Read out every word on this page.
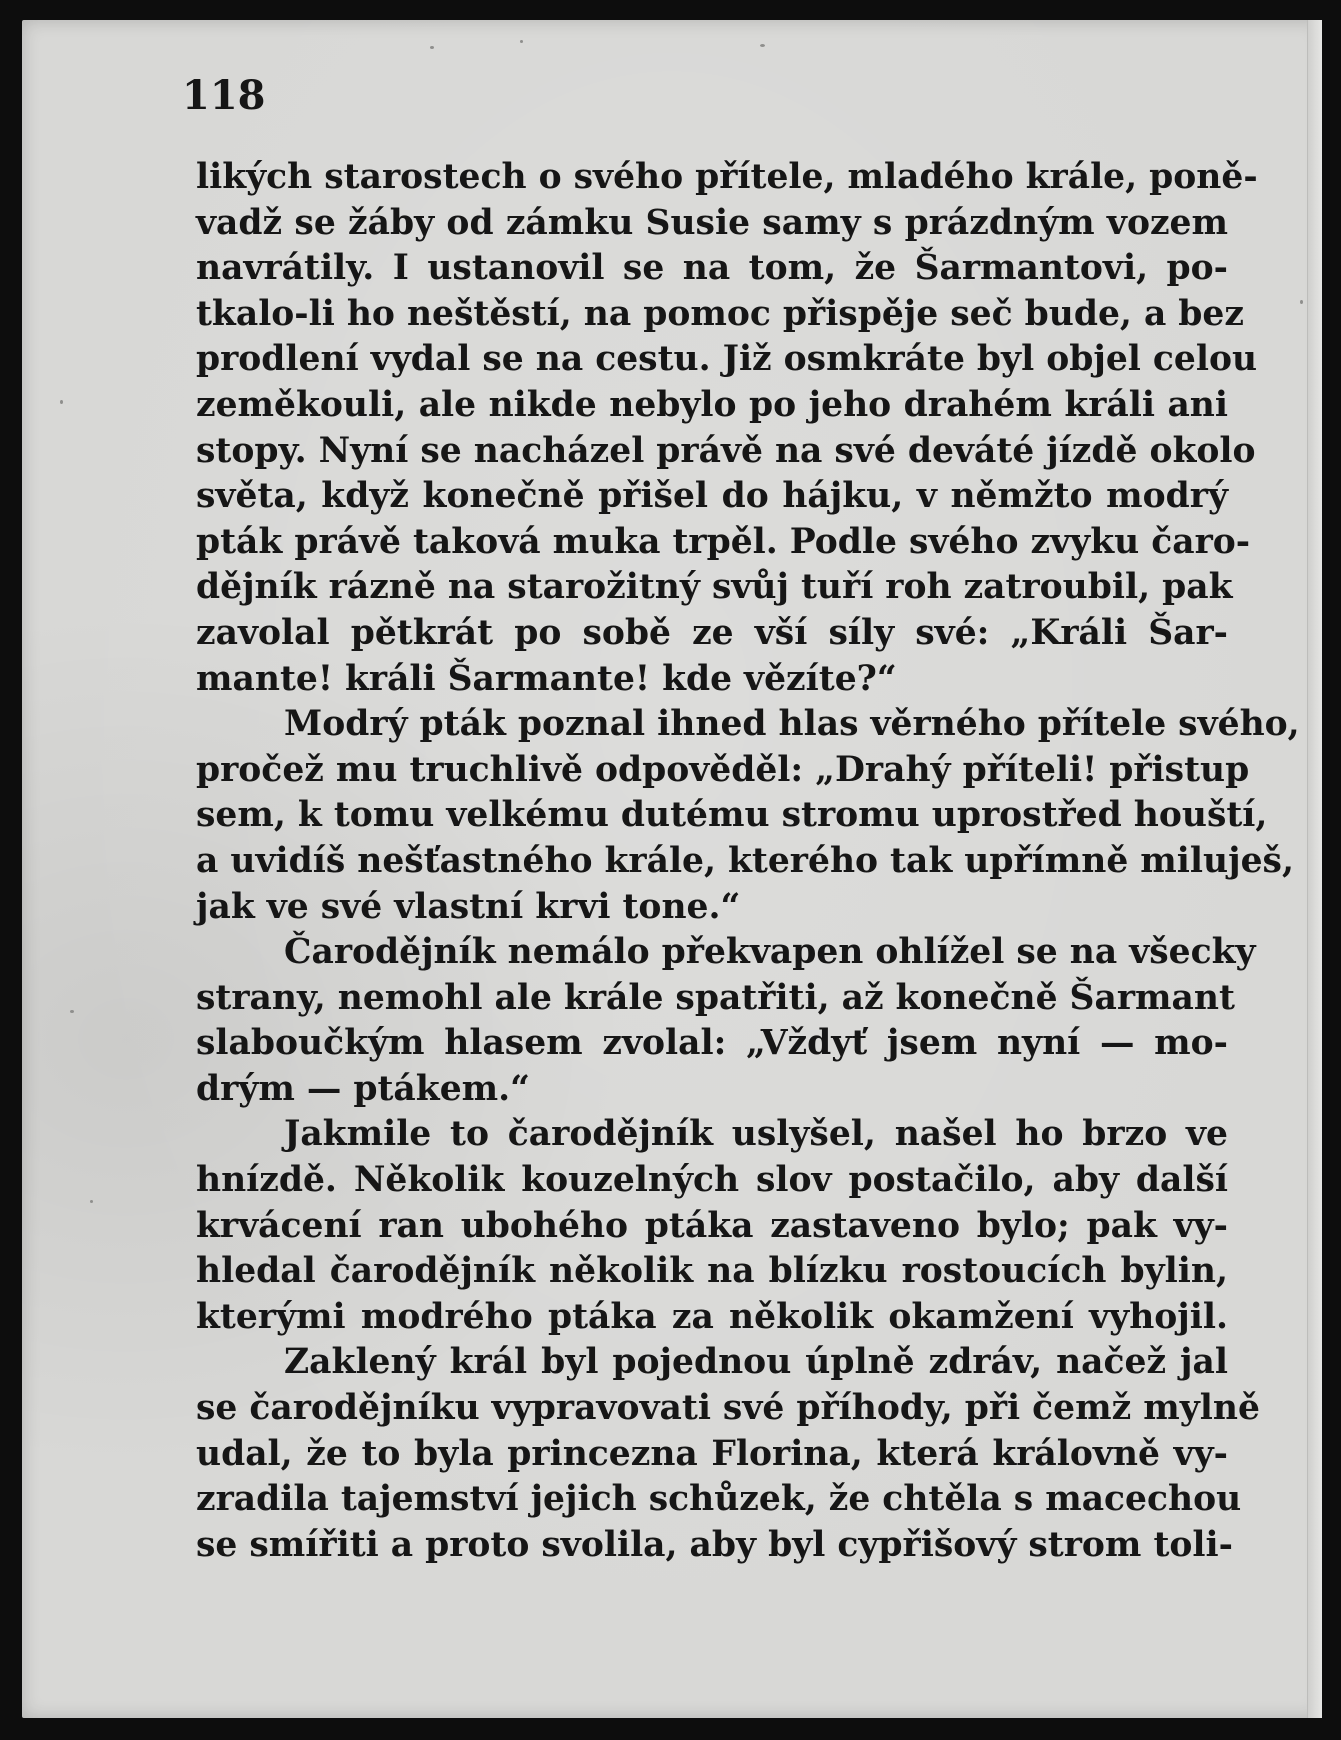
118

likých starostech o svého přítele, mladého krále, poně-
vadž se žáby od zámku Susie samy s prázdným vozem
navrátily. I ustanovil se na tom, že Šarmantovi, po-
tkalo-li ho neštěstí, na pomoc přispěje seč bude, a bez
prodlení vydal se na cestu. Již osmkráte byl objel celou
zeměkouli, ale nikde nebylo po jeho drahém králi ani
stopy. Nyní se nacházel právě na své deváté jízdě okolo
světa, když konečně přišel do hájku, v němžto modrý
pták právě taková muka trpěl. Podle svého zvyku čaro-
dějník rázně na starožitný svůj tuří roh zatroubil, pak
zavolal pětkrát po sobě ze vší síly své: „Králi Šar-
mante! králi Šarmante! kde vězíte?“
Modrý pták poznal ihned hlas věrného přítele svého,
pročež mu truchlivě odpověděl: „Drahý příteli! přistup
sem, k tomu velkému dutému stromu uprostřed houští,
a uvidíš nešťastného krále, kterého tak upřímně miluješ,
jak ve své vlastní krvi tone.“
Čarodějník nemálo překvapen ohlížel se na všecky
strany, nemohl ale krále spatřiti, až konečně Šarmant
slaboučkým hlasem zvolal: „Vždyť jsem nyní — mo-
drým — ptákem.“
Jakmile to čarodějník uslyšel, našel ho brzo ve
hnízdě. Několik kouzelných slov postačilo, aby další
krvácení ran ubohého ptáka zastaveno bylo; pak vy-
hledal čarodějník několik na blízku rostoucích bylin,
kterými modrého ptáka za několik okamžení vyhojil.
Zaklený král byl pojednou úplně zdráv, načež jal
se čarodějníku vypravovati své příhody, při čemž mylně
udal, že to byla princezna Florina, která královně vy-
zradila tajemství jejich schůzek, že chtěla s macechou
se smířiti a proto svolila, aby byl cypřišový strom toli-
